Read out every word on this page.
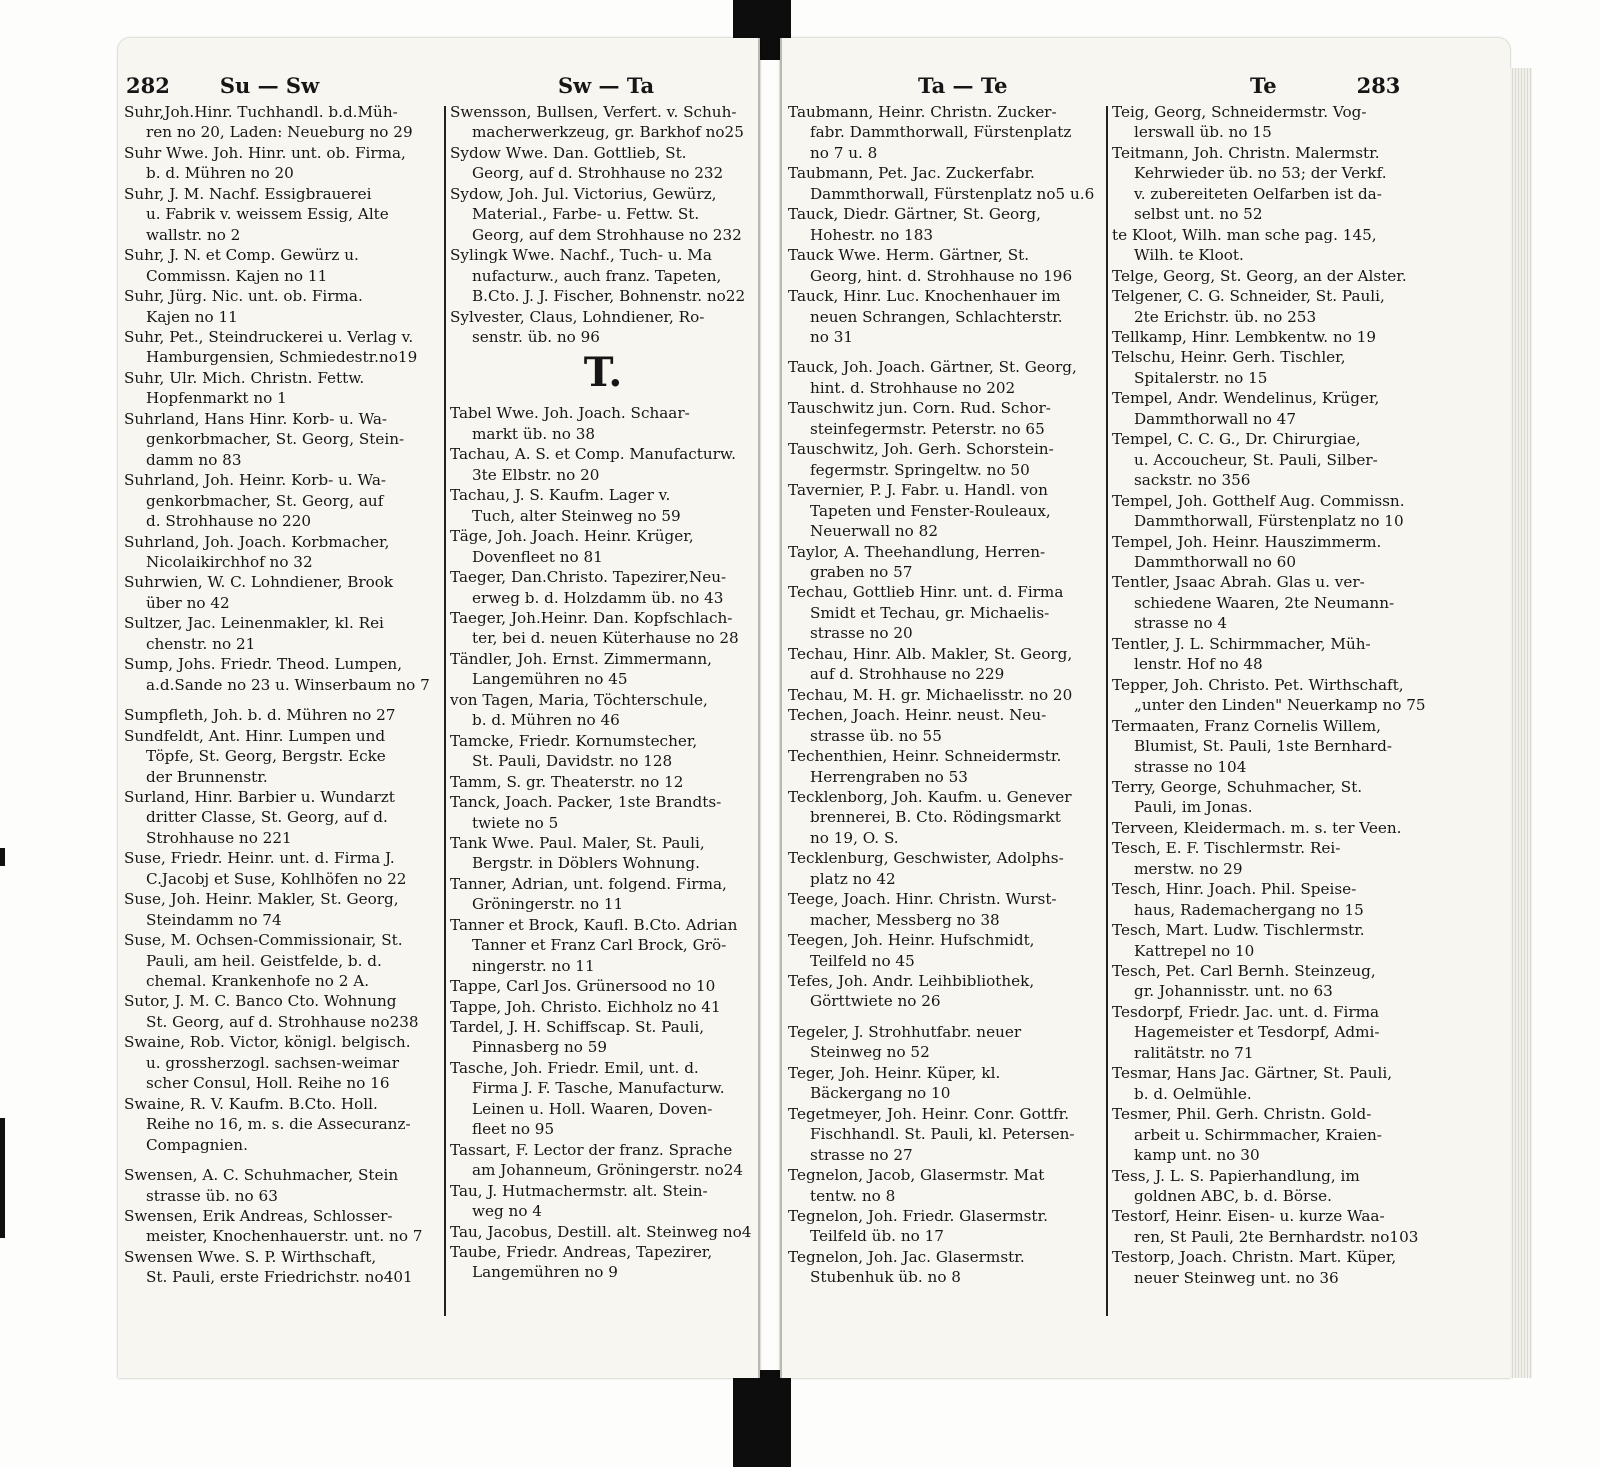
282 Su — Sw	Sw — Ta
Suhr,Joh.Hinr. Tuchhandl. b.d.Müh-
ren no 20, Laden: Neueburg no 29
Suhr Wwe. Joh. Hinr. unt. ob. Firma,
b. d. Mühren no 20
Suhr, J. M. Nachf. Essigbrauerei
u. Fabrik v. weissem Essig, Alte
wallstr. no 2
Suhr, J. N. et Comp. Gewürz u.
Commissn. Kajen no 11
Suhr, Jürg. Nic. unt. ob. Firma.
Kajen no 11
Suhr, Pet., Steindruckerei u. Verlag v.
Hamburgensien, Schmiedestr.no19
Suhr, Ulr. Mich. Christn. Fettw.
Hopfenmarkt no 1
Suhrland, Hans Hinr. Korb- u. Wa-
genkorbmacher, St. Georg, Stein-
damm no 83
Suhrland, Joh. Heinr. Korb- u. Wa-
genkorbmacher, St. Georg, auf
d. Strohhause no 220
Suhrland, Joh. Joach. Korbmacher,
Nicolaikirchhof no 32
Suhrwien, W. C. Lohndiener, Brook
über no 42
Sultzer, Jac. Leinenmakler, kl. Rei
chenstr. no 21
Sump, Johs. Friedr. Theod. Lumpen,
a.d.Sande no 23 u. Winserbaum no 7
Sumpfleth, Joh. b. d. Mühren no 27
Sundfeldt, Ant. Hinr. Lumpen und
Töpfe, St. Georg, Bergstr. Ecke
der Brunnenstr.
Surland, Hinr. Barbier u. Wundarzt
dritter Classe, St. Georg, auf d.
Strohhause no 221
Suse, Friedr. Heinr. unt. d. Firma J.
C.Jacobj et Suse, Kohlhöfen no 22
Suse, Joh. Heinr. Makler, St. Georg,
Steindamm no 74
Suse, M. Ochsen-Commissionair, St.
Pauli, am heil. Geistfelde, b. d.
chemal. Krankenhofe no 2 A.
Sutor, J. M. C. Banco Cto. Wohnung
St. Georg, auf d. Strohhause no238
Swaine, Rob. Victor, königl. belgisch.
u. grossherzogl. sachsen-weimar
scher Consul, Holl. Reihe no 16
Swaine, R. V. Kaufm. B.Cto. Holl.
Reihe no 16, m. s. die Assecuranz-
Compagnien.
Swensen, A. C. Schuhmacher, Stein
strasse üb. no 63
Swensen, Erik Andreas, Schlosser-
meister, Knochenhauerstr. unt. no 7
Swensen Wwe. S. P. Wirthschaft,
St. Pauli, erste Friedrichstr. no401
Swensson, Bullsen, Verfert. v. Schuh-
macherwerkzeug, gr. Barkhof no25
Sydow Wwe. Dan. Gottlieb, St.
Georg, auf d. Strohhause no 232
Sydow, Joh. Jul. Victorius, Gewürz,
Material., Farbe- u. Fettw. St.
Georg, auf dem Strohhause no 232
Sylingk Wwe. Nachf., Tuch- u. Ma
nufacturw., auch franz. Tapeten,
B.Cto. J. J. Fischer, Bohnenstr. no22
Sylvester, Claus, Lohndiener, Ro-
senstr. üb. no 96
T.
Tabel Wwe. Joh. Joach. Schaar-
markt üb. no 38
Tachau, A. S. et Comp. Manufacturw.
3te Elbstr. no 20
Tachau, J. S. Kaufm. Lager v.
Tuch, alter Steinweg no 59
Täge, Joh. Joach. Heinr. Krüger,
Dovenfleet no 81
Taeger, Dan.Christo. Tapezirer,Neu-
erweg b. d. Holzdamm üb. no 43
Taeger, Joh.Heinr. Dan. Kopfschlach-
ter, bei d. neuen Küterhause no 28
Tändler, Joh. Ernst. Zimmermann,
Langemühren no 45
von Tagen, Maria, Töchterschule,
b. d. Mühren no 46
Tamcke, Friedr. Kornumstecher,
St. Pauli, Davidstr. no 128
Tamm, S. gr. Theaterstr. no 12
Tanck, Joach. Packer, 1ste Brandts-
twiete no 5
Tank Wwe. Paul. Maler, St. Pauli,
Bergstr. in Döblers Wohnung.
Tanner, Adrian, unt. folgend. Firma,
Gröningerstr. no 11
Tanner et Brock, Kaufl. B.Cto. Adrian
Tanner et Franz Carl Brock, Grö-
ningerstr. no 11
Tappe, Carl Jos. Grünersood no 10
Tappe, Joh. Christo. Eichholz no 41
Tardel, J. H. Schiffscap. St. Pauli,
Pinnasberg no 59
Tasche, Joh. Friedr. Emil, unt. d.
Firma J. F. Tasche, Manufacturw.
Leinen u. Holl. Waaren, Doven-
fleet no 95
Tassart, F. Lector der franz. Sprache
am Johanneum, Gröningerstr. no24
Tau, J. Hutmachermstr. alt. Stein-
weg no 4
Tau, Jacobus, Destill. alt. Steinweg no4
Taube, Friedr. Andreas, Tapezirer,
Langemühren no 9
Ta — Te	Te	283
Taubmann, Heinr. Christn. Zucker-
fabr. Dammthorwall, Fürstenplatz
no 7 u. 8
Taubmann, Pet. Jac. Zuckerfabr.
Dammthorwall, Fürstenplatz no5 u.6
Tauck, Diedr. Gärtner, St. Georg,
Hohestr. no 183
Tauck Wwe. Herm. Gärtner, St.
Georg, hint. d. Strohhause no 196
Tauck, Hinr. Luc. Knochenhauer im
neuen Schrangen, Schlachterstr.
no 31
Tauck, Joh. Joach. Gärtner, St. Georg,
hint. d. Strohhause no 202
Tauschwitz jun. Corn. Rud. Schor-
steinfegermstr. Peterstr. no 65
Tauschwitz, Joh. Gerh. Schorstein-
fegermstr. Springeltw. no 50
Tavernier, P. J. Fabr. u. Handl. von
Tapeten und Fenster-Rouleaux,
Neuerwall no 82
Taylor, A. Theehandlung, Herren-
graben no 57
Techau, Gottlieb Hinr. unt. d. Firma
Smidt et Techau, gr. Michaelis-
strasse no 20
Techau, Hinr. Alb. Makler, St. Georg,
auf d. Strohhause no 229
Techau, M. H. gr. Michaelisstr. no 20
Techen, Joach. Heinr. neust. Neu-
strasse üb. no 55
Techenthien, Heinr. Schneidermstr.
Herrengraben no 53
Tecklenborg, Joh. Kaufm. u. Genever
brennerei, B. Cto. Rödingsmarkt
no 19, O. S.
Tecklenburg, Geschwister, Adolphs-
platz no 42
Teege, Joach. Hinr. Christn. Wurst-
macher, Messberg no 38
Teegen, Joh. Heinr. Hufschmidt,
Teilfeld no 45
Tefes, Joh. Andr. Leihbibliothek,
Görttwiete no 26
Tegeler, J. Strohhutfabr. neuer
Steinweg no 52
Teger, Joh. Heinr. Küper, kl.
Bäckergang no 10
Tegetmeyer, Joh. Heinr. Conr. Gottfr.
Fischhandl. St. Pauli, kl. Petersen-
strasse no 27
Tegnelon, Jacob, Glasermstr. Mat
tentw. no 8
Tegnelon, Joh. Friedr. Glasermstr.
Teilfeld üb. no 17
Tegnelon, Joh. Jac. Glasermstr.
Stubenhuk üb. no 8
Teig, Georg, Schneidermstr. Vog-
lerswall üb. no 15
Teitmann, Joh. Christn. Malermstr.
Kehrwieder üb. no 53; der Verkf.
v. zubereiteten Oelfarben ist da-
selbst unt. no 52
te Kloot, Wilh. man sche pag. 145,
Wilh. te Kloot.
Telge, Georg, St. Georg, an der Alster.
Telgener, C. G. Schneider, St. Pauli,
2te Erichstr. üb. no 253
Tellkamp, Hinr. Lembkentw. no 19
Telschu, Heinr. Gerh. Tischler,
Spitalerstr. no 15
Tempel, Andr. Wendelinus, Krüger,
Dammthorwall no 47
Tempel, C. C. G., Dr. Chirurgiae,
u. Accoucheur, St. Pauli, Silber-
sackstr. no 356
Tempel, Joh. Gotthelf Aug. Commissn.
Dammthorwall, Fürstenplatz no 10
Tempel, Joh. Heinr. Hauszimmerm.
Dammthorwall no 60
Tentler, Jsaac Abrah. Glas u. ver-
schiedene Waaren, 2te Neumann-
strasse no 4
Tentler, J. L. Schirmmacher, Müh-
lenstr. Hof no 48
Tepper, Joh. Christo. Pet. Wirthschaft,
„unter den Linden" Neuerkamp no 75
Termaaten, Franz Cornelis Willem,
Blumist, St. Pauli, 1ste Bernhard-
strasse no 104
Terry, George, Schuhmacher, St.
Pauli, im Jonas.
Terveen, Kleidermach. m. s. ter Veen.
Tesch, E. F. Tischlermstr. Rei-
merstw. no 29
Tesch, Hinr. Joach. Phil. Speise-
haus, Rademachergang no 15
Tesch, Mart. Ludw. Tischlermstr.
Kattrepel no 10
Tesch, Pet. Carl Bernh. Steinzeug,
gr. Johannisstr. unt. no 63
Tesdorpf, Friedr. Jac. unt. d. Firma
Hagemeister et Tesdorpf, Admi-
ralitätstr. no 71
Tesmar, Hans Jac. Gärtner, St. Pauli,
b. d. Oelmühle.
Tesmer, Phil. Gerh. Christn. Gold-
arbeit u. Schirmmacher, Kraien-
kamp unt. no 30
Tess, J. L. S. Papierhandlung, im
goldnen ABC, b. d. Börse.
Testorf, Heinr. Eisen- u. kurze Waa-
ren, St Pauli, 2te Bernhardstr. no103
Testorp, Joach. Christn. Mart. Küper,
neuer Steinweg unt. no 36
